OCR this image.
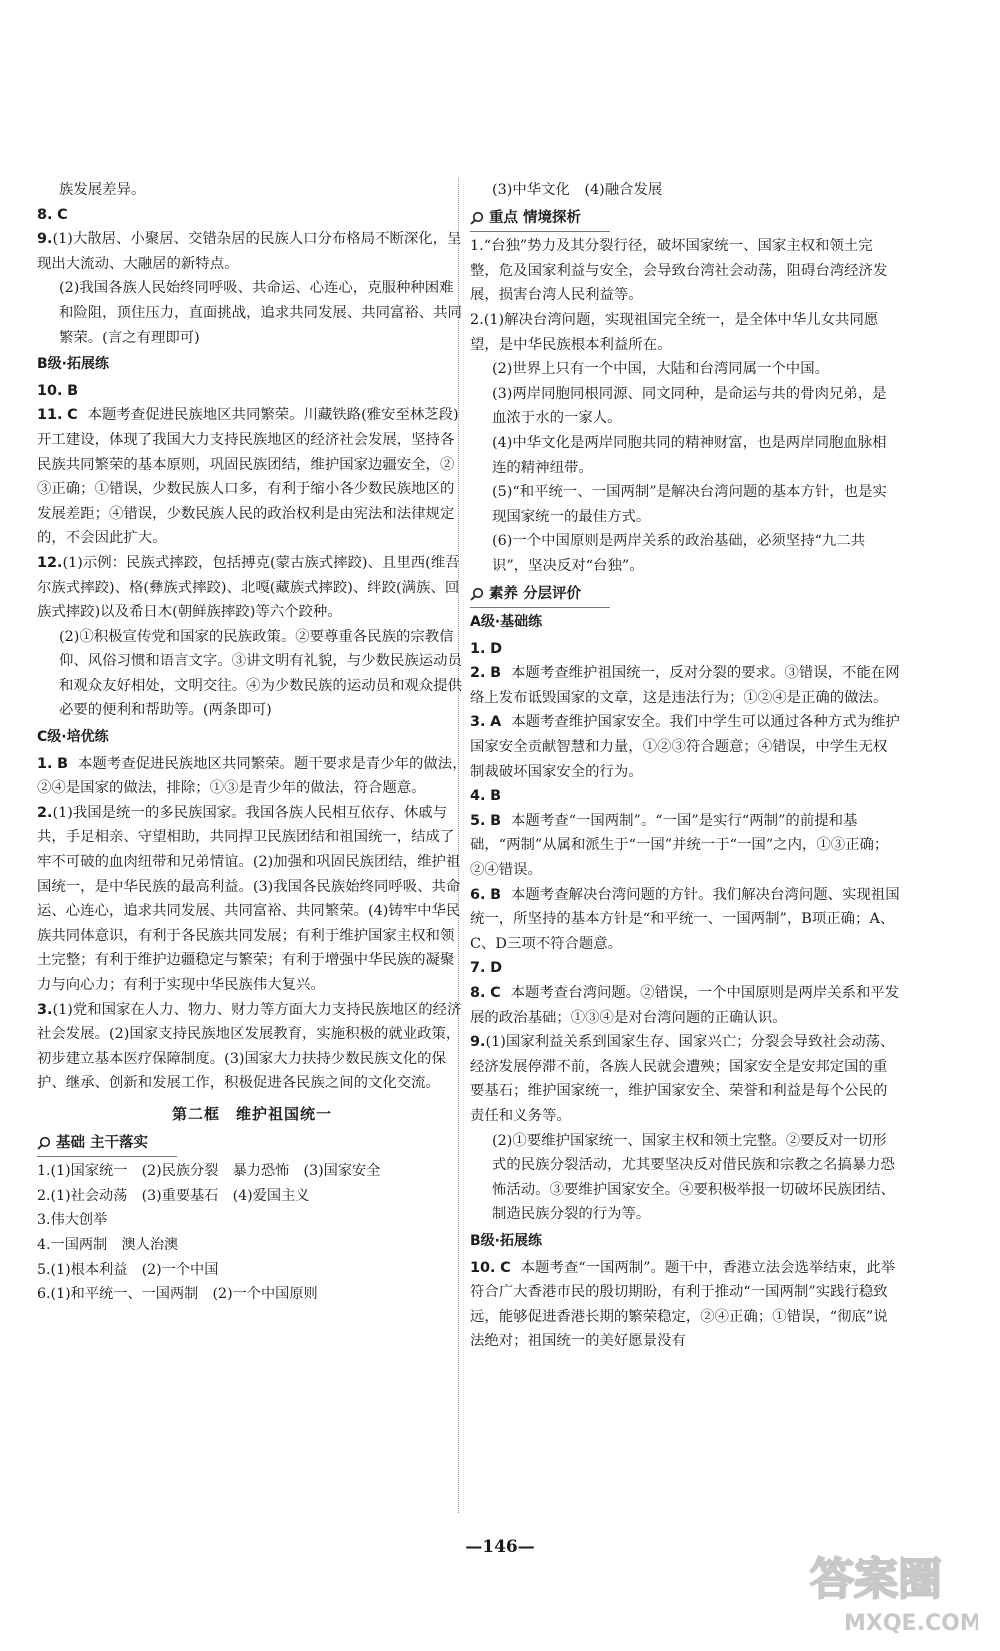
族发展差异。

8. C

9.(1)大散居、小聚居、交错杂居的民族人口分布格局不断深化，呈现出大流动、大融居的新特点。

(2)我国各族人民始终同呼吸、共命运、心连心，克服种种困难和险阻，顶住压力，直面挑战，追求共同发展、共同富裕、共同繁荣。(言之有理即可)

B级·拓展练

10. B

11. C 本题考查促进民族地区共同繁荣。川藏铁路(雅安至林芝段)开工建设，体现了我国大力支持民族地区的经济社会发展，坚持各民族共同繁荣的基本原则，巩固民族团结，维护国家边疆安全，②③正确；①错误，少数民族人口多，有利于缩小各少数民族地区的发展差距；④错误，少数民族人民的政治权利是由宪法和法律规定的，不会因此扩大。

12.(1)示例：民族式摔跤，包括搏克(蒙古族式摔跤)、且里西(维吾尔族式摔跤)、格(彝族式摔跤)、北嘎(藏族式摔跤)、绊跤(满族、回族式摔跤)以及希日木(朝鲜族摔跤)等六个跤种。

(2)①积极宣传党和国家的民族政策。②要尊重各民族的宗教信仰、风俗习惯和语言文字。③讲文明有礼貌，与少数民族运动员和观众友好相处，文明交往。④为少数民族的运动员和观众提供必要的便利和帮助等。(两条即可)

C级·培优练

1. B 本题考查促进民族地区共同繁荣。题干要求是青少年的做法，②④是国家的做法，排除；①③是青少年的做法，符合题意。

2.(1)我国是统一的多民族国家。我国各族人民相互依存、休戚与共，手足相亲、守望相助，共同捍卫民族团结和祖国统一，结成了牢不可破的血肉纽带和兄弟情谊。(2)加强和巩固民族团结，维护祖国统一，是中华民族的最高利益。(3)我国各民族始终同呼吸、共命运、心连心，追求共同发展、共同富裕、共同繁荣。(4)铸牢中华民族共同体意识，有利于各民族共同发展；有利于维护国家主权和领土完整；有利于维护边疆稳定与繁荣；有利于增强中华民族的凝聚力与向心力；有利于实现中华民族伟大复兴。

3.(1)党和国家在人力、物力、财力等方面大力支持民族地区的经济社会发展。(2)国家支持民族地区发展教育，实施积极的就业政策，初步建立基本医疗保障制度。(3)国家大力扶持少数民族文化的保护、继承、创新和发展工作，积极促进各民族之间的文化交流。

第二框　维护祖国统一

基础 主干落实

1.(1)国家统一　(2)民族分裂　暴力恐怖　(3)国家安全

2.(1)社会动荡　(3)重要基石　(4)爱国主义

3.伟大创举

4.一国两制　澳人治澳

5.(1)根本利益　(2)一个中国

6.(1)和平统一、一国两制　(2)一个中国原则

(3)中华文化　(4)融合发展

重点 情境探析

1.“台独”势力及其分裂行径，破坏国家统一、国家主权和领土完整，危及国家利益与安全，会导致台湾社会动荡，阻碍台湾经济发展，损害台湾人民利益等。

2.(1)解决台湾问题，实现祖国完全统一，是全体中华儿女共同愿望，是中华民族根本利益所在。

(2)世界上只有一个中国，大陆和台湾同属一个中国。

(3)两岸同胞同根同源、同文同种，是命运与共的骨肉兄弟，是血浓于水的一家人。

(4)中华文化是两岸同胞共同的精神财富，也是两岸同胞血脉相连的精神纽带。

(5)“和平统一、一国两制”是解决台湾问题的基本方针，也是实现国家统一的最佳方式。

(6)一个中国原则是两岸关系的政治基础，必须坚持“九二共识”，坚决反对“台独”。

素养 分层评价

A级·基础练

1. D

2. B 本题考查维护祖国统一，反对分裂的要求。③错误，不能在网络上发布诋毁国家的文章，这是违法行为；①②④是正确的做法。

3. A 本题考查维护国家安全。我们中学生可以通过各种方式为维护国家安全贡献智慧和力量，①②③符合题意；④错误，中学生无权制裁破坏国家安全的行为。

4. B

5. B 本题考查“一国两制”。“一国”是实行“两制”的前提和基础，“两制”从属和派生于“一国”并统一于“一国”之内，①③正确；②④错误。

6. B 本题考查解决台湾问题的方针。我们解决台湾问题、实现祖国统一，所坚持的基本方针是“和平统一、一国两制”，B项正确；A、C、D三项不符合题意。

7. D

8. C 本题考查台湾问题。②错误，一个中国原则是两岸关系和平发展的政治基础；①③④是对台湾问题的正确认识。

9.(1)国家利益关系到国家生存、国家兴亡；分裂会导致社会动荡、经济发展停滞不前，各族人民就会遭殃；国家安全是安邦定国的重要基石；维护国家统一，维护国家安全、荣誉和利益是每个公民的责任和义务等。

(2)①要维护国家统一、国家主权和领土完整。②要反对一切形式的民族分裂活动，尤其要坚决反对借民族和宗教之名搞暴力恐怖活动。③要维护国家安全。④要积极举报一切破坏民族团结、制造民族分裂的行为等。

B级·拓展练

10. C 本题考查“一国两制”。题干中，香港立法会选举结束，此举符合广大香港市民的殷切期盼，有利于推动“一国两制”实践行稳致远，能够促进香港长期的繁荣稳定，②④正确；①错误，“彻底”说法绝对；祖国统一的美好愿景没有

—146—
答案圈
MXQE.COM
